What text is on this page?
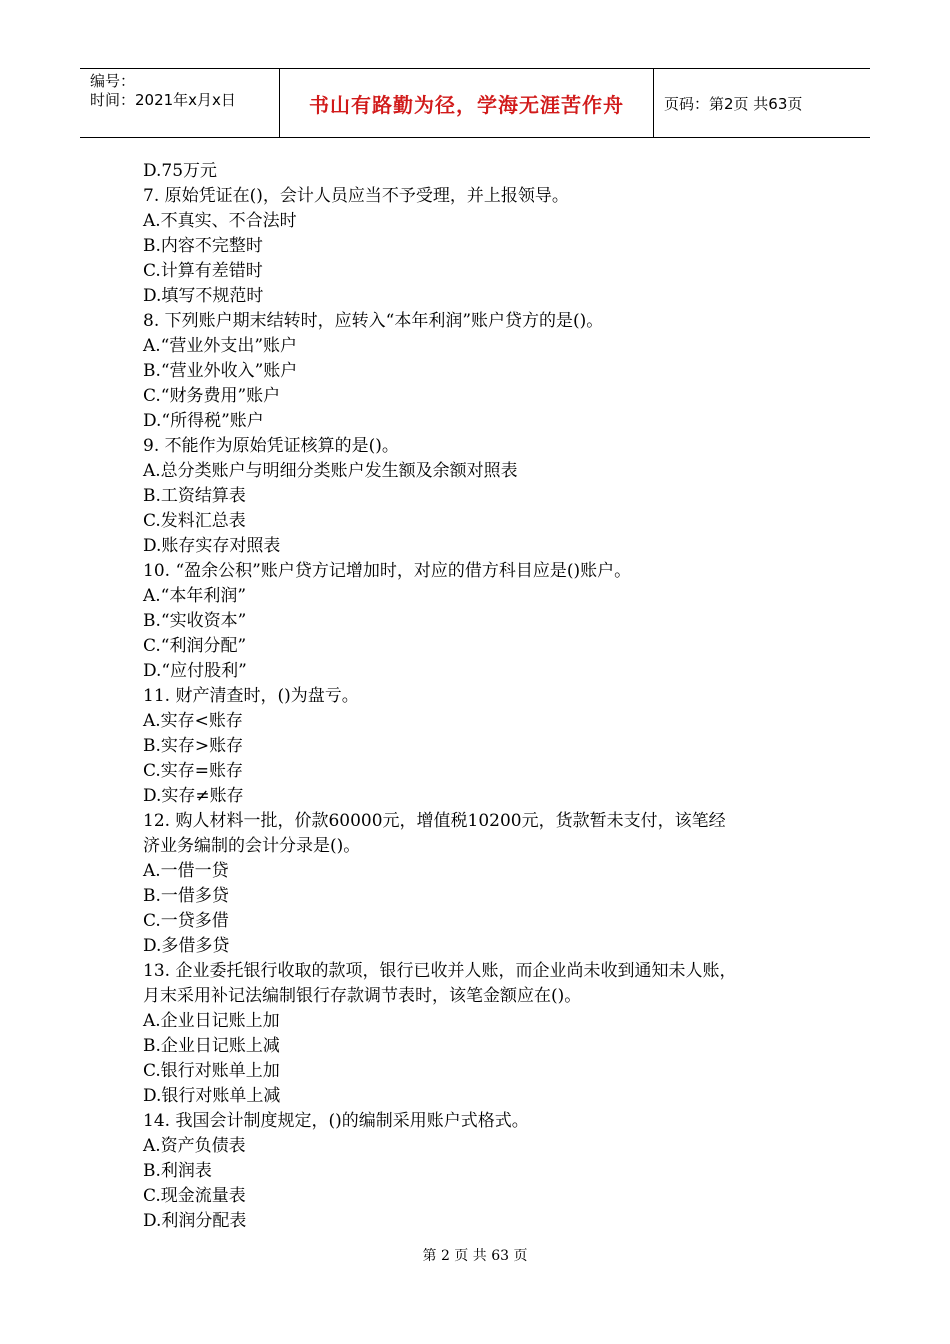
编号：
时间：2021年x月x日	书山有路勤为径，学海无涯苦作舟	页码：第2页 共63页
D.75万元
7. 原始凭证在()，会计人员应当不予受理，并上报领导。
A.不真实、不合法时
B.内容不完整时
C.计算有差错时
D.填写不规范时
8. 下列账户期末结转时，应转入“本年利润”账户贷方的是()。
A.“营业外支出”账户
B.“营业外收入”账户
C.“财务费用”账户
D.“所得税”账户
9. 不能作为原始凭证核算的是()。
A.总分类账户与明细分类账户发生额及余额对照表
B.工资结算表
C.发料汇总表
D.账存实存对照表
10. “盈余公积”账户贷方记增加时，对应的借方科目应是()账户。
A.“本年利润”
B.“实收资本”
C.“利润分配”
D.“应付股利”
11. 财产清查时，()为盘亏。
A.实存<账存
B.实存>账存
C.实存=账存
D.实存≠账存
12. 购人材料一批，价款60000元，增值税10200元，货款暂未支付，该笔经
济业务编制的会计分录是()。
A.一借一贷
B.一借多贷
C.一贷多借
D.多借多贷
13. 企业委托银行收取的款项，银行已收并人账，而企业尚未收到通知未人账，
月末采用补记法编制银行存款调节表时，该笔金额应在()。
A.企业日记账上加
B.企业日记账上减
C.银行对账单上加
D.银行对账单上减
14. 我国会计制度规定，()的编制采用账户式格式。
A.资产负债表
B.利润表
C.现金流量表
D.利润分配表
第 2 页 共 63 页
